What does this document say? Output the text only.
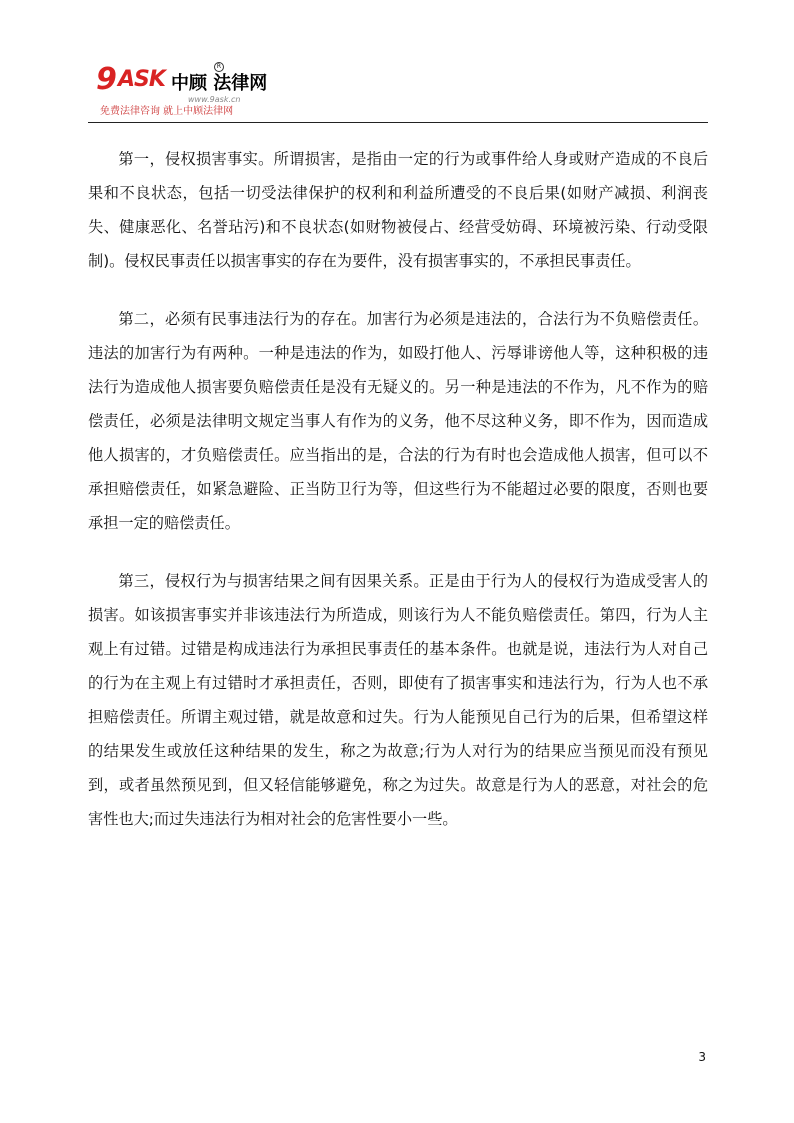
9 ASK 中顾 法律网
R
www.9ask.cn
免费法律咨询 就上中顾法律网

第一，侵权损害事实。所谓损害，是指由一定的行为或事件给人身或财产造成的不良后果和不良状态，包括一切受法律保护的权利和利益所遭受的不良后果(如财产减损、利润丧失、健康恶化、名誉玷污)和不良状态(如财物被侵占、经营受妨碍、环境被污染、行动受限制)。侵权民事责任以损害事实的存在为要件，没有损害事实的，不承担民事责任。

第二，必须有民事违法行为的存在。加害行为必须是违法的，合法行为不负赔偿责任。违法的加害行为有两种。一种是违法的作为，如殴打他人、污辱诽谤他人等，这种积极的违法行为造成他人损害要负赔偿责任是没有无疑义的。另一种是违法的不作为，凡不作为的赔偿责任，必须是法律明文规定当事人有作为的义务，他不尽这种义务，即不作为，因而造成他人损害的，才负赔偿责任。应当指出的是，合法的行为有时也会造成他人损害，但可以不承担赔偿责任，如紧急避险、正当防卫行为等，但这些行为不能超过必要的限度，否则也要承担一定的赔偿责任。

第三，侵权行为与损害结果之间有因果关系。正是由于行为人的侵权行为造成受害人的损害。如该损害事实并非该违法行为所造成，则该行为人不能负赔偿责任。第四，行为人主观上有过错。过错是构成违法行为承担民事责任的基本条件。也就是说，违法行为人对自己的行为在主观上有过错时才承担责任，否则，即使有了损害事实和违法行为，行为人也不承担赔偿责任。所谓主观过错，就是故意和过失。行为人能预见自己行为的后果，但希望这样的结果发生或放任这种结果的发生，称之为故意;行为人对行为的结果应当预见而没有预见到，或者虽然预见到，但又轻信能够避免，称之为过失。故意是行为人的恶意，对社会的危害性也大;而过失违法行为相对社会的危害性要小一些。

3
